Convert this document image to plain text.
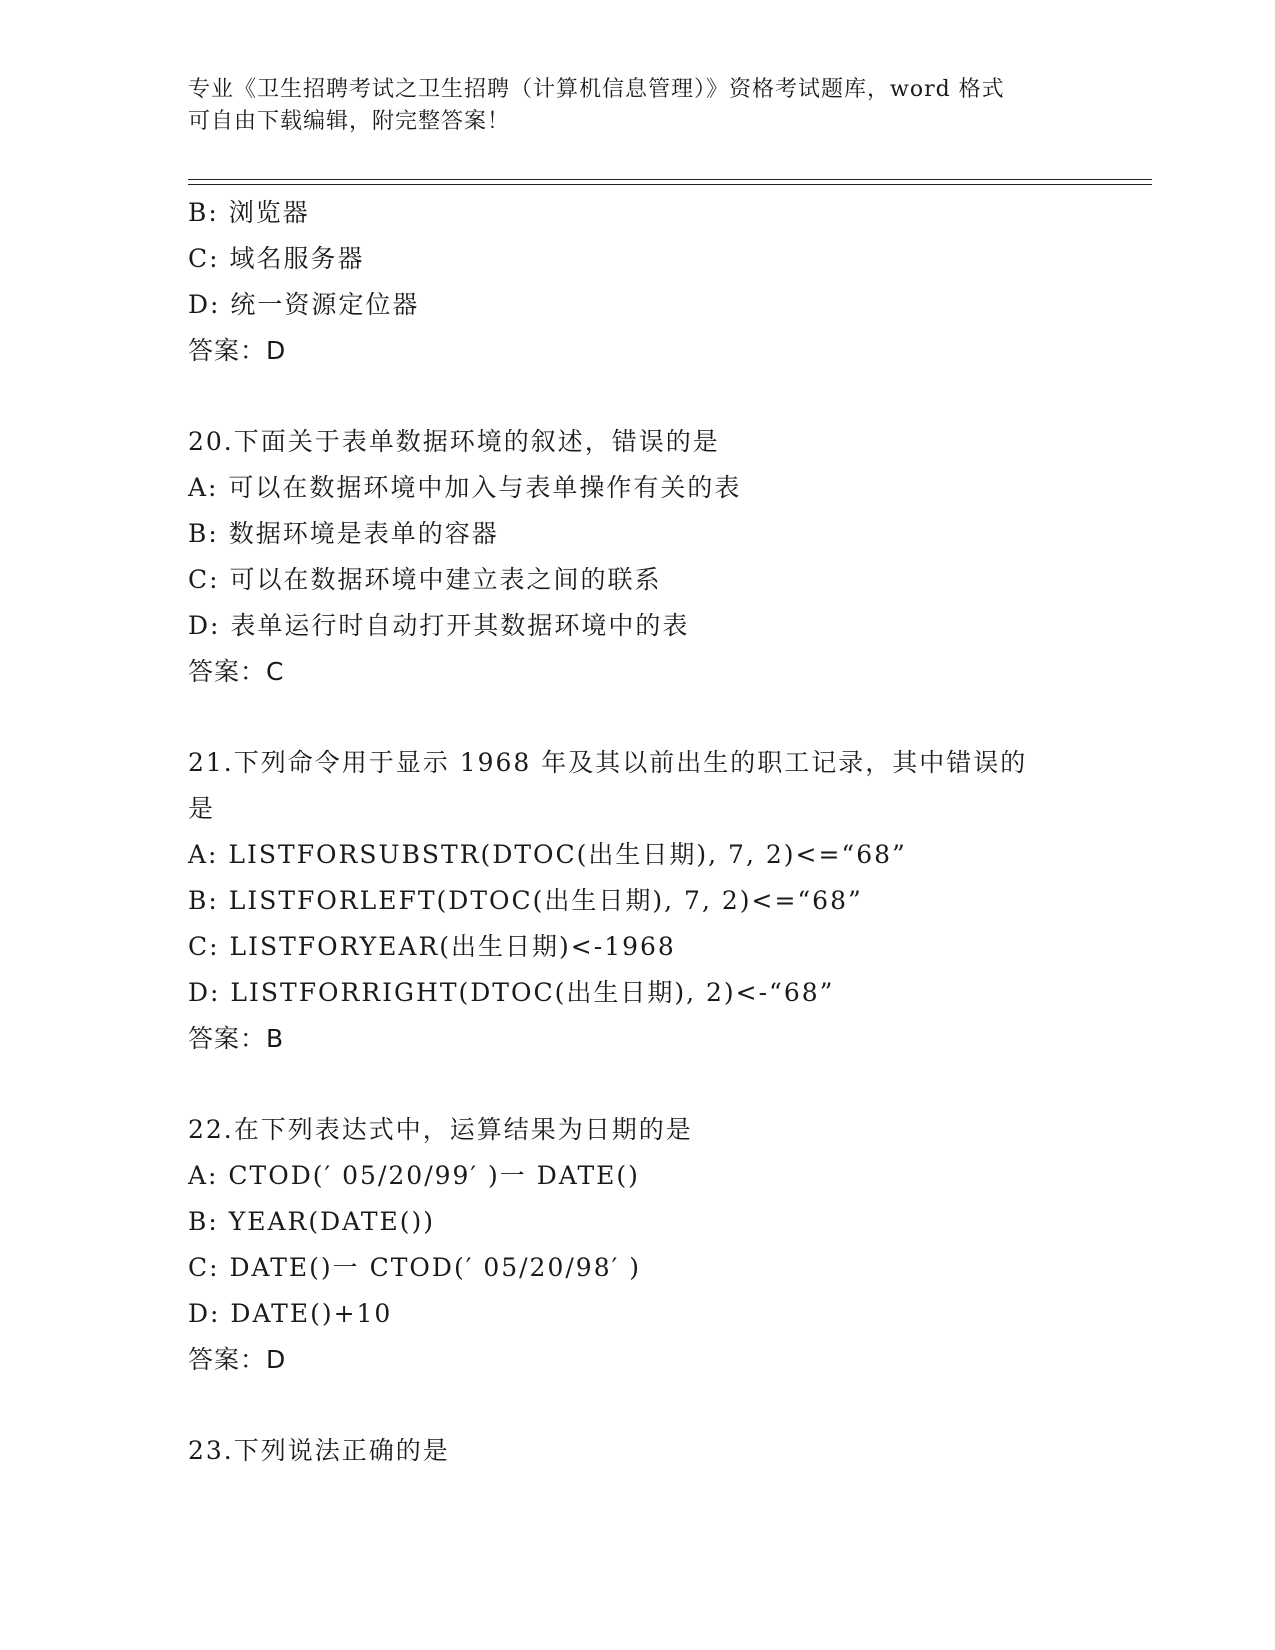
专业《卫生招聘考试之卫生招聘（计算机信息管理）》资格考试题库，word 格式
可自由下载编辑，附完整答案！
B: 浏览器
C: 域名服务器
D: 统一资源定位器
答案：D
20.下面关于表单数据环境的叙述，错误的是
A: 可以在数据环境中加入与表单操作有关的表
B: 数据环境是表单的容器
C: 可以在数据环境中建立表之间的联系
D: 表单运行时自动打开其数据环境中的表
答案：C
21.下列命令用于显示 1968 年及其以前出生的职工记录，其中错误的
是
A: LISTFORSUBSTR(DTOC(出生日期), 7, 2)<=“68”
B: LISTFORLEFT(DTOC(出生日期), 7, 2)<=“68”
C: LISTFORYEAR(出生日期)<-1968
D: LISTFORRIGHT(DTOC(出生日期), 2)<-“68”
答案：B
22.在下列表达式中，运算结果为日期的是
A: CTOD(′ 05/20/99′ )一 DATE()
B: YEAR(DATE())
C: DATE()一 CTOD(′ 05/20/98′ )
D: DATE()+10
答案：D
23.下列说法正确的是
